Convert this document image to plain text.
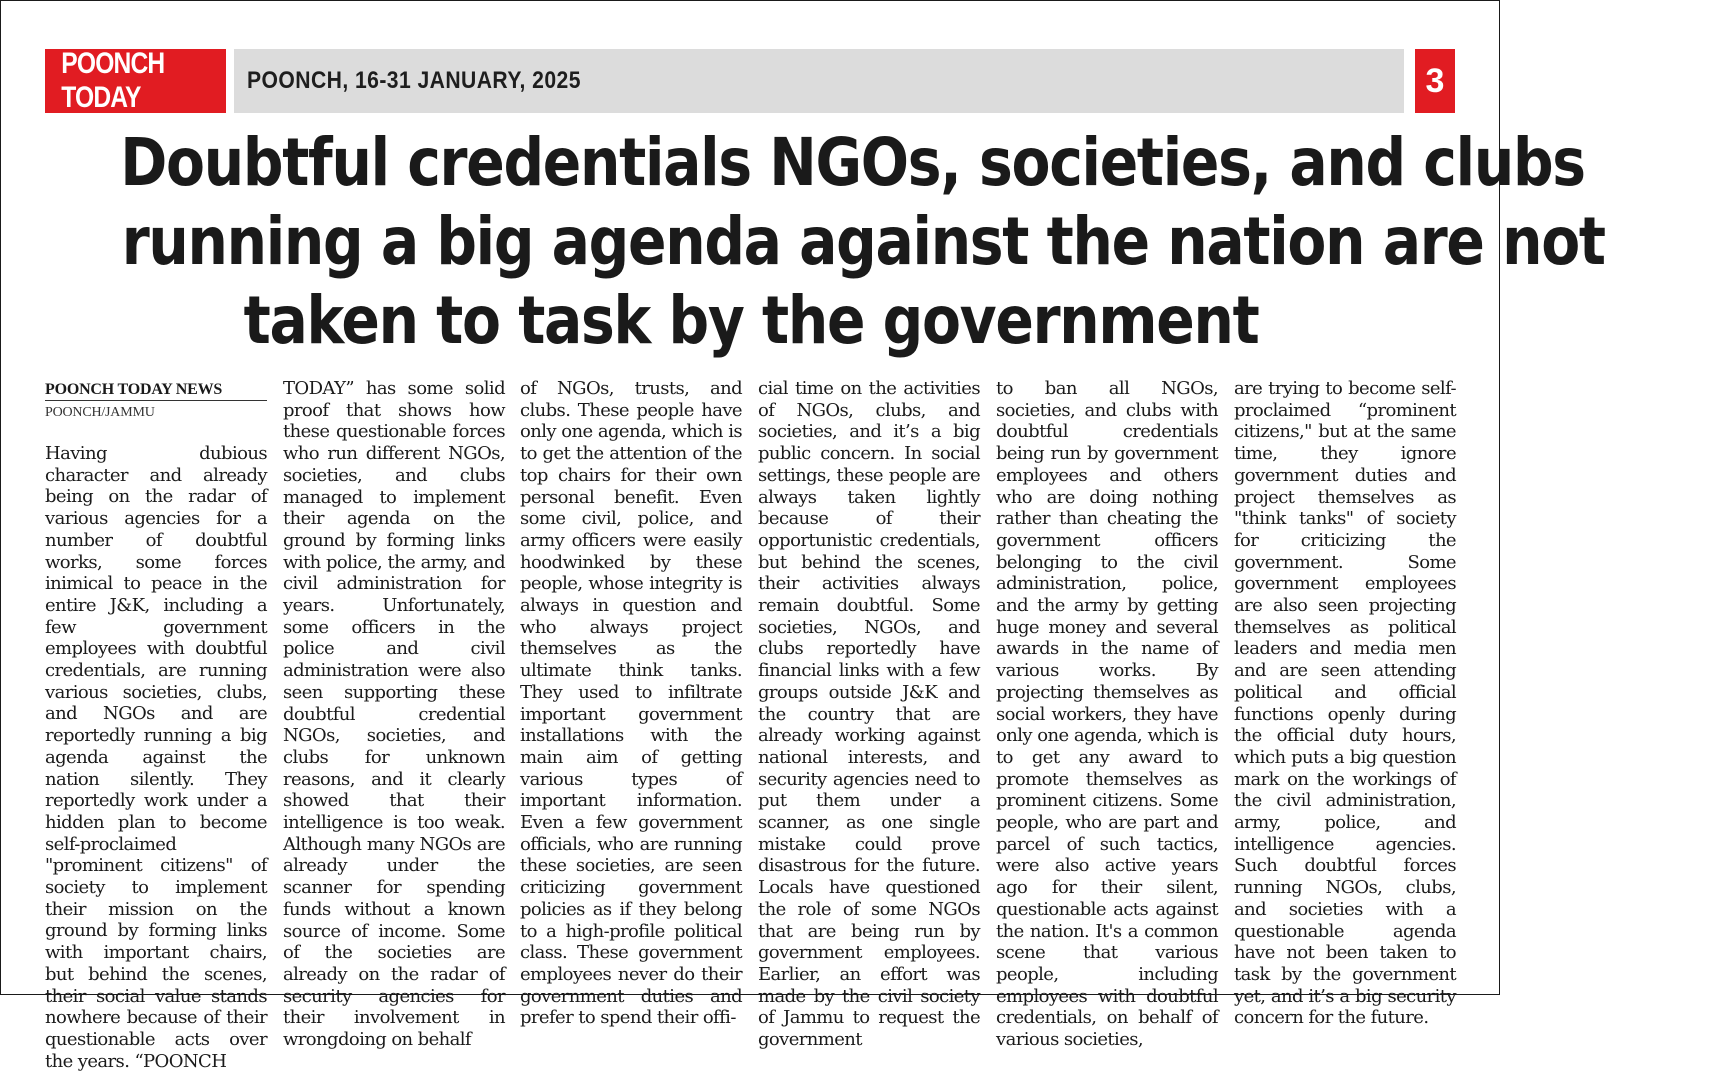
POONCH TODAY
POONCH, 16-31 JANUARY, 2025	3
Doubtful credentials NGOs, societies, and clubs
running a big agenda against the nation are not
taken to task by the government
POONCH TODAY NEWS
POONCH/JAMMU

Having dubious character and already being on the radar of various agencies for a number of doubtful works, some forces inimical to peace in the entire J&K, including a few government employees with doubtful credentials, are running various societies, clubs, and NGOs and are reportedly running a big agenda against the nation silently. They reportedly work under a hidden plan to become self-proclaimed "prominent citizens" of society to implement their mission on the ground by forming links with important chairs, but behind the scenes, their social value stands nowhere because of their questionable acts over the years. “POONCH

TODAY” has some solid proof that shows how these questionable forces who run different NGOs, societies, and clubs managed to implement their agenda on the ground by forming links with police, the army, and civil administration for years. Unfortunately, some officers in the police and civil administration were also seen supporting these doubtful credential NGOs, societies, and clubs for unknown reasons, and it clearly showed that their intelligence is too weak. Although many NGOs are already under the scanner for spending funds without a known source of income. Some of the societies are already on the radar of security agencies for their involvement in wrongdoing on behalf

of NGOs, trusts, and clubs. These people have only one agenda, which is to get the attention of the top chairs for their own personal benefit. Even some civil, police, and army officers were easily hoodwinked by these people, whose integrity is always in question and who always project themselves as the ultimate think tanks. They used to infiltrate important government installations with the main aim of getting various types of important information. Even a few government officials, who are running these societies, are seen criticizing government policies as if they belong to a high-profile political class. These government employees never do their government duties and prefer to spend their offi-

cial time on the activities of NGOs, clubs, and societies, and it’s a big public concern. In social settings, these people are always taken lightly because of their opportunistic credentials, but behind the scenes, their activities always remain doubtful. Some societies, NGOs, and clubs reportedly have financial links with a few groups outside J&K and the country that are already working against national interests, and security agencies need to put them under a scanner, as one single mistake could prove disastrous for the future. Locals have questioned the role of some NGOs that are being run by government employees. Earlier, an effort was made by the civil society of Jammu to request the government

to ban all NGOs, societies, and clubs with doubtful credentials being run by government employees and others who are doing nothing rather than cheating the government officers belonging to the civil administration, police, and the army by getting huge money and several awards in the name of various works. By projecting themselves as social workers, they have only one agenda, which is to get any award to promote themselves as prominent citizens. Some people, who are part and parcel of such tactics, were also active years ago for their silent, questionable acts against the nation. It's a common scene that various people, including employees with doubtful credentials, on behalf of various societies,

are trying to become self-proclaimed “prominent citizens," but at the same time, they ignore government duties and project themselves as "think tanks" of society for criticizing the government. Some government employees are also seen projecting themselves as political leaders and media men and are seen attending political and official functions openly during the official duty hours, which puts a big question mark on the workings of the civil administration, army, police, and intelligence agencies. Such doubtful forces running NGOs, clubs, and societies with a questionable agenda have not been taken to task by the government yet, and it’s a big security concern for the future.
